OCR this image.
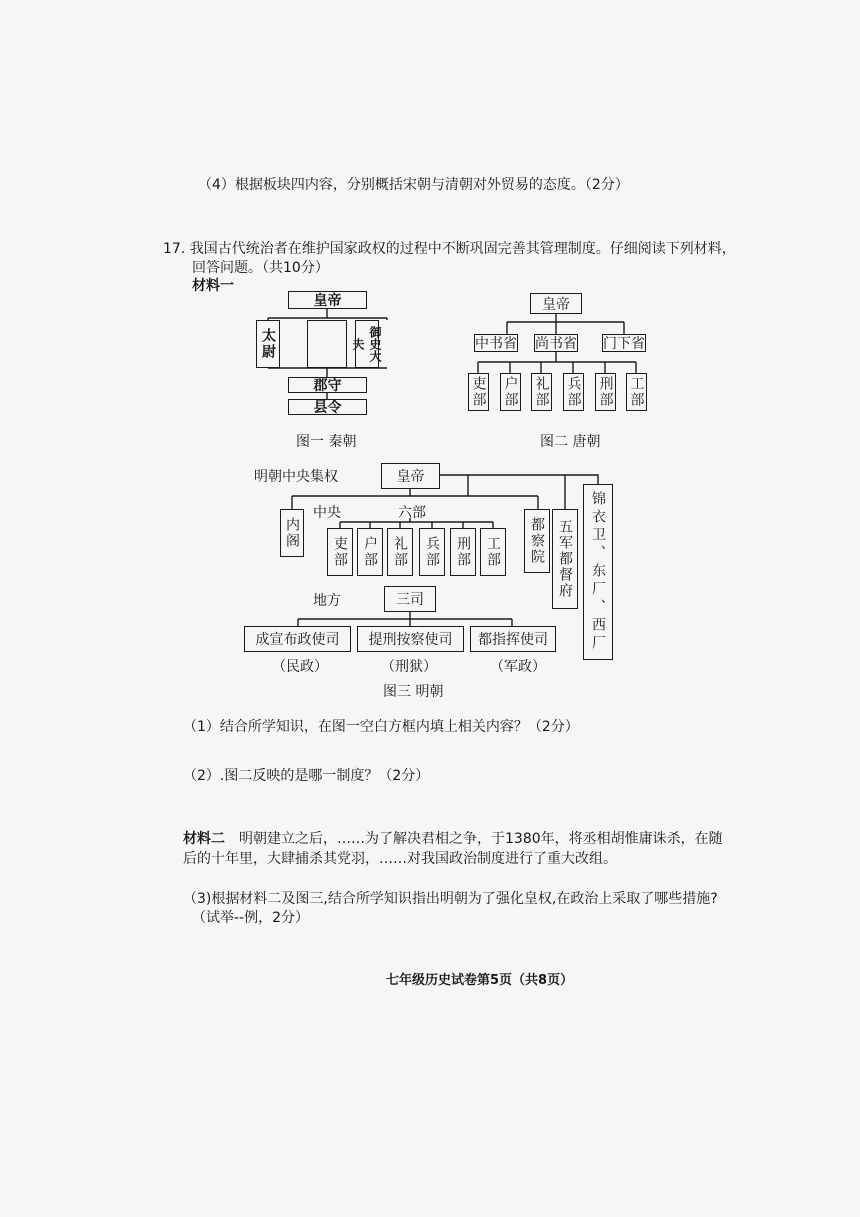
（4）根据板块四内容，分别概括宋朝与清朝对外贸易的态度。（2分）
17. 我国古代统治者在维护国家政权的过程中不断巩固完善其管理制度。仔细阅读下列材料，
回答问题。（共10分）
材料一
皇帝
太尉	御史大夫
郡守
县令
图一 秦朝
皇帝
中书省 尚书省 门下省
吏部 户部 礼部 兵部 刑部 工部
图二 唐朝
明朝中央集权	皇帝
中央	六部
内阁
吏部	户部	礼部	兵部	刑部	工部	都察院 五军都督府	锦衣卫、东厂、西厂
地方	三司
成宣布政使司	提刑按察使司	都指挥使司
（民政）	（刑狱）	（军政）
图三 明朝
（1）结合所学知识，在图一空白方框内填上相关内容？（2分）
（2）.图二反映的是哪一制度？（2分）
材料二 明朝建立之后，……为了解决君相之争，于1380年，将丞相胡惟庸诛杀，在随
后的十年里，大肆捕杀其党羽，……对我国政治制度进行了重大改组。
（3)根据材料二及图三,结合所学知识指出明朝为了强化皇权,在政治上采取了哪些措施?
（试举--例，2分）
七年级历史试卷第5页（共8页）
